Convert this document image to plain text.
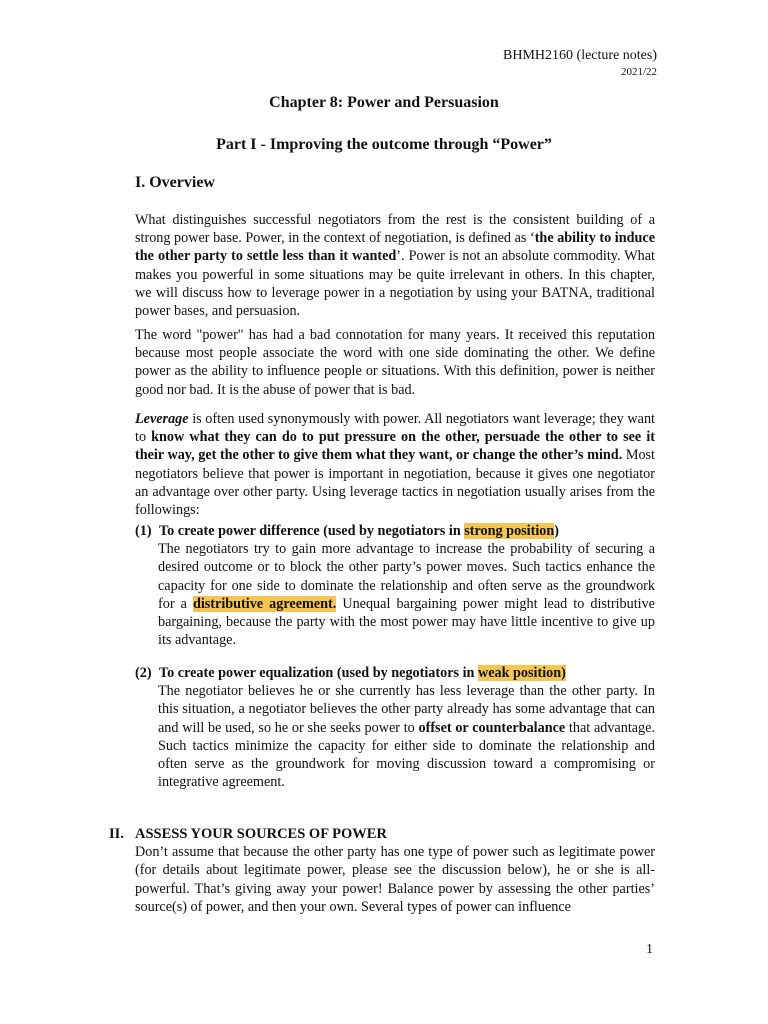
BHMH2160 (lecture notes)
2021/22
Chapter 8: Power and Persuasion
Part I - Improving the outcome through “Power”
I. Overview

What distinguishes successful negotiators from the rest is the consistent building of a strong power base. Power, in the context of negotiation, is defined as ‘the ability to induce the other party to settle less than it wanted’. Power is not an absolute commodity. What makes you powerful in some situations may be quite irrelevant in others. In this chapter, we will discuss how to leverage power in a negotiation by using your BATNA, traditional power bases, and persuasion.

The word "power" has had a bad connotation for many years. It received this reputation because most people associate the word with one side dominating the other. We define power as the ability to influence people or situations. With this definition, power is neither good nor bad. It is the abuse of power that is bad.

Leverage is often used synonymously with power. All negotiators want leverage; they want to know what they can do to put pressure on the other, persuade the other to see it their way, get the other to give them what they want, or change the other’s mind. Most negotiators believe that power is important in negotiation, because it gives one negotiator an advantage over other party. Using leverage tactics in negotiation usually arises from the followings:

(1) To create power difference (used by negotiators in strong position)

The negotiators try to gain more advantage to increase the probability of securing a desired outcome or to block the other party’s power moves. Such tactics enhance the capacity for one side to dominate the relationship and often serve as the groundwork for a distributive agreement. Unequal bargaining power might lead to distributive bargaining, because the party with the most power may have little incentive to give up its advantage.

(2) To create power equalization (used by negotiators in weak position)

The negotiator believes he or she currently has less leverage than the other party. In this situation, a negotiator believes the other party already has some advantage that can and will be used, so he or she seeks power to offset or counterbalance that advantage. Such tactics minimize the capacity for either side to dominate the relationship and often serve as the groundwork for moving discussion toward a compromising or integrative agreement.

II. ASSESS YOUR SOURCES OF POWER

Don’t assume that because the other party has one type of power such as legitimate power (for details about legitimate power, please see the discussion below), he or she is all-powerful. That’s giving away your power! Balance power by assessing the other parties’ source(s) of power, and then your own. Several types of power can influence

1
